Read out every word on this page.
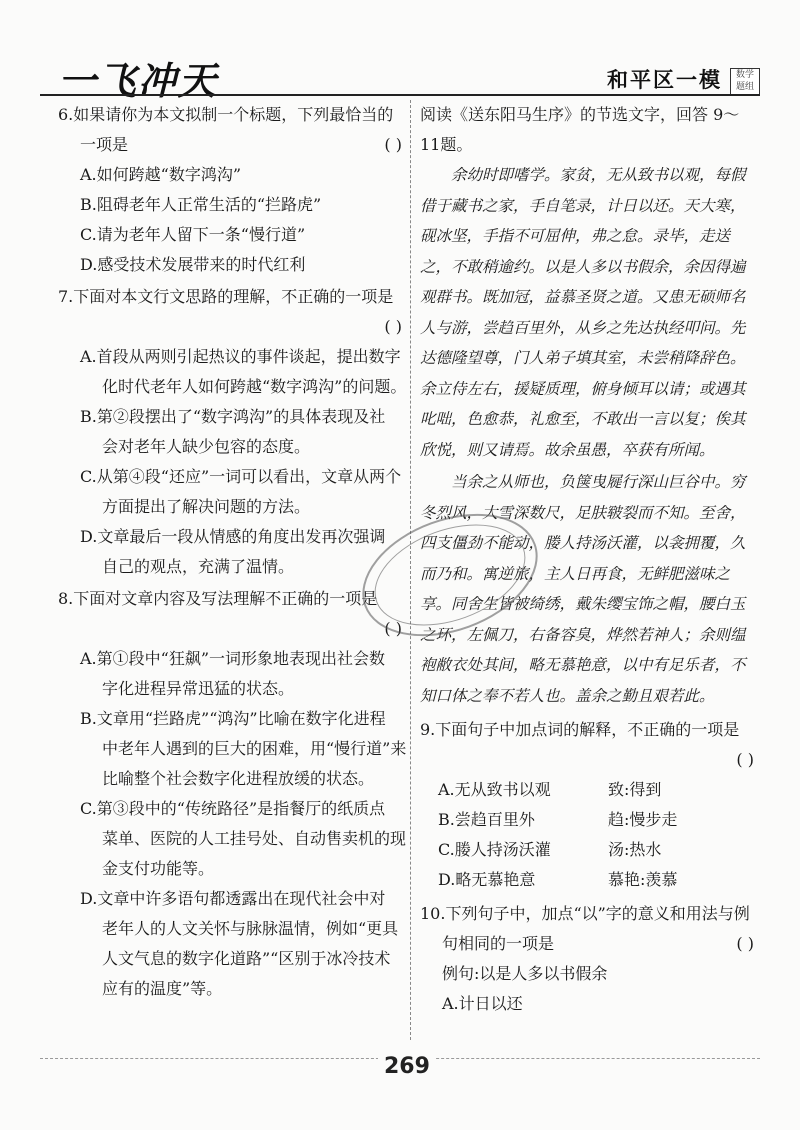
一飞冲天	和平区一模	数学
题组

6.如果请你为本文拟制一个标题，下列最恰当的

一项是	( )

A.如何跨越“数字鸿沟”

B.阻碍老年人正常生活的“拦路虎”

C.请为老年人留下一条“慢行道”

D.感受技术发展带来的时代红利

7.下面对本文行文思路的理解，不正确的一项是

( )

A.首段从两则引起热议的事件谈起，提出数字
化时代老年人如何跨越“数字鸿沟”的问题。

B.第②段摆出了“数字鸿沟”的具体表现及社
会对老年人缺少包容的态度。

C.从第④段“还应”一词可以看出，文章从两个
方面提出了解决问题的方法。

D.文章最后一段从情感的角度出发再次强调
自己的观点，充满了温情。

8.下面对文章内容及写法理解不正确的一项是

( )

A.第①段中“狂飙”一词形象地表现出社会数
字化进程异常迅猛的状态。

B.文章用“拦路虎”“鸿沟”比喻在数字化进程
中老年人遇到的巨大的困难，用“慢行道”来
比喻整个社会数字化进程放缓的状态。

C.第③段中的“传统路径”是指餐厅的纸质点
菜单、医院的人工挂号处、自动售卖机的现
金支付功能等。

D.文章中许多语句都透露出在现代社会中对
老年人的人文关怀与脉脉温情，例如“更具
人文气息的数字化道路”“区别于冰冷技术
应有的温度”等。

阅读《送东阳马生序》的节选文字，回答 9～

11题。

余幼时即嗜学。家贫，无从致书以观，每假借于藏书之家，手自笔录，计日以还。天大寒，砚冰坚，手指不可屈伸，弗之怠。录毕，走送之，不敢稍逾约。以是人多以书假余，余因得遍观群书。既加冠，益慕圣贤之道。又患无硕师名人与游，尝趋百里外，从乡之先达执经叩问。先达德隆望尊，门人弟子填其室，未尝稍降辞色。余立侍左右，援疑质理，俯身倾耳以请；或遇其叱咄，色愈恭，礼愈至，不敢出一言以复；俟其欣悦，则又请焉。故余虽愚，卒获有所闻。
当余之从师也，负箧曳屣行深山巨谷中。穷冬烈风，大雪深数尺，足肤皲裂而不知。至舍，四支僵劲不能动，媵人持汤沃灌，以衾拥覆，久而乃和。寓逆旅，主人日再食，无鲜肥滋味之享。同舍生皆被绮绣，戴朱缨宝饰之帽，腰白玉之环，左佩刀，右备容臭，烨然若神人；余则缊袍敝衣处其间，略无慕艳意，以中有足乐者，不知口体之奉不若人也。盖余之勤且艰若此。

9.下面句子中加点词的解释，不正确的一项是

( )

A.无从致书以观	致:得到
B.尝趋百里外	趋:慢步走
C.媵人持汤沃灌	汤:热水
D.略无慕艳意	慕艳:羡慕

10.下列句子中，加点“以”字的意义和用法与例

句相同的一项是	( )

例句:以是人多以书假余

A.计日以还

269
